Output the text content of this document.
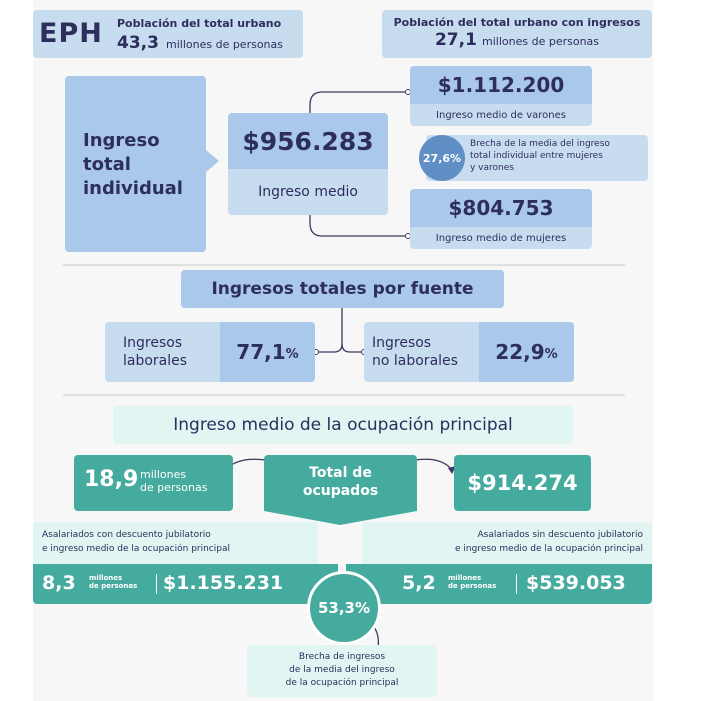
EPH Población del total urbano
43,3 millones de personas
Población del total urbano con ingresos
27,1 millones de personas
Ingreso
total
individual
$956.283
Ingreso medio
$1.112.200
Ingreso medio de varones
Brecha de la media del ingreso
total individual entre mujeres
y varones
27,6%
$804.753
Ingreso medio de mujeres
Ingresos totales por fuente
Ingresos
laborales	77,1 %
Ingresos
no laborales	22,9 %
Ingreso medio de la ocupación principal
18,9 millones
de personas
Total de
ocupados	$914.274
Asalariados con descuento jubilatorio
e ingreso medio de la ocupación principal
8,3 millones
de personas $1.155.231
Asalariados sin descuento jubilatorio
e ingreso medio de la ocupación principal
5,2 millones
de personas $539.053
53,3%
Brecha de ingresos
de la media del ingreso
de la ocupación principal
